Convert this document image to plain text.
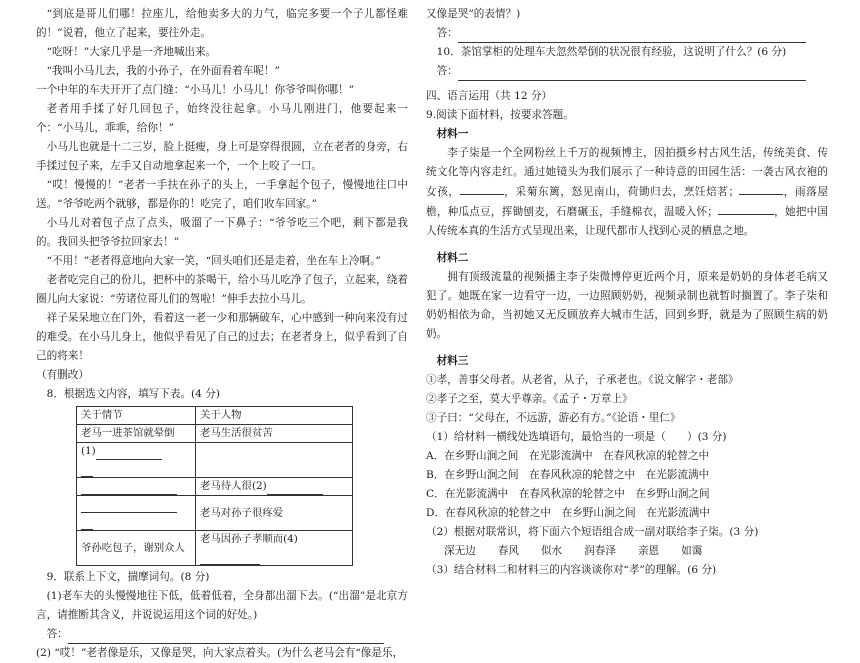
“到底是哥儿们哪！拉座儿，给他卖多大的力气，临完多要一个子儿都怪难的！”说着，他立了起来，要往外走。

“吃呀！”大家几乎是一齐地喊出来。

“我叫小马儿去，我的小孙子，在外面看着车呢！”

一个中年的车夫开开了点门缝：“小马儿！小马儿！你爷爷叫你哪！”

老者用手揉了好几回包子，始终没往起拿。小马儿刚进门，他要起来一个：“小马儿，乖乖，给你！”

小马儿也就是十二三岁，脸上挺瘦，身上可是穿得很圆，立在老者的身旁，右手揉过包子来，左手又自动地拿起来一个，一个上咬了一口。

“哎！慢慢的！”老者一手扶在孙子的头上，一手拿起个包子，慢慢地往口中送。“爷爷吃两个就够，都是你的！吃完了，咱们收车回家。”

小马儿对着包子点了点头，吸溜了一下鼻子：“爷爷吃三个吧，剩下都是我的。我回头把爷爷拉回家去！”

“不用！”老者得意地向大家一笑，“回头咱们还是走着，坐在车上冷啊。”

老者吃完自己的份儿，把杯中的茶喝干，给小马儿吃净了包子，立起来，绕着圈儿向大家说：“劳诸位哥儿们的驾啦！”伸手去拉小马儿。

祥子呆呆地立在门外，看着这一老一少和那辆破车，心中感到一种向来没有过的难受。在小马儿身上，他似乎看见了自己的过去；在老者身上，似乎看到了自己的将来！

（有删改）

8．根据选文内容，填写下表。(4 分)

关于情节	关于人物
老马一进茶馆就晕倒	老马生活很贫苦
(1)

	老马待人很(2)

	老马对孙子很疼爱
爷孙吃包子，谢别众人	老马因孙子孝顺而(4)

9．联系上下文，揣摩词句。(8 分)

(1)老车夫的头慢慢地往下低，低着低着，全身都出溜下去。(“出溜”是北京方言，请推断其含义，并说说运用这个词的好处。)

答：

(2) “哎！”老者像是乐，又像是哭，向大家点着头。(为什么老马会有“像是乐，

又像是哭”的表情？)

答：

10．茶馆掌柜的处理车夫忽然晕倒的状况很有经验，这说明了什么？(6 分)

答：

四、语言运用（共 12 分）

9.阅读下面材料，按要求答题。

材料一

李子柒是一个全网粉丝上千万的视频博主，因拍摄乡村古风生活，传统美食、传统文化等内容走红。通过她镜头为我们展示了一种诗意的田园生活：一袭古风衣袍的女孩，	，采菊东篱，怒见南山，荷锄归去，烹饪焙茗；	，雨落屋檐，种瓜点豆，挥锄刨麦，石磨碾玉，手缝棉衣，温暖入怀；	，她把中国人传统本真的生活方式呈现出来，让现代都市人找到心灵的栖息之地。

材料二

拥有顶级流量的视频播主李子柒微博停更近两个月，原来是奶奶的身体老毛病又犯了。她既在家一边看守一边，一边照顾奶奶，视频录制也就暂时搁置了。李子柒和奶奶相依为命，当初她又无反顾放弃大城市生活，回到乡野，就是为了照顾生病的奶奶。

材料三

①孝，善事父母者。从老省，从子，子承老也。《说文解字・老部》

②孝子之至，莫大乎尊亲。《孟子・万章上》

③子曰：“父母在，不远游，游必有方。”《论语・里仁》

（1）给材料一横线处选填语句，最恰当的一项是（　　）(3 分)

A．在乡野山涧之间　在光影流满中　在春风秋凉的轮替之中

B．在乡野山涧之间　在春风秋凉的轮替之中　在光影流满中

C．在光影流满中　在春风秋凉的轮替之中　在乡野山涧之间

D．在春风秋凉的轮替之中　在乡野山涧之间　在光影流满中

（2）根据对联常识，将下面六个短语组合成一副对联给李子柒。(3 分)

深无边 春风 似水 润春泽 亲恩 如霭

（3）结合材料二和材料三的内容谈谈你对“孝”的理解。(6 分)
